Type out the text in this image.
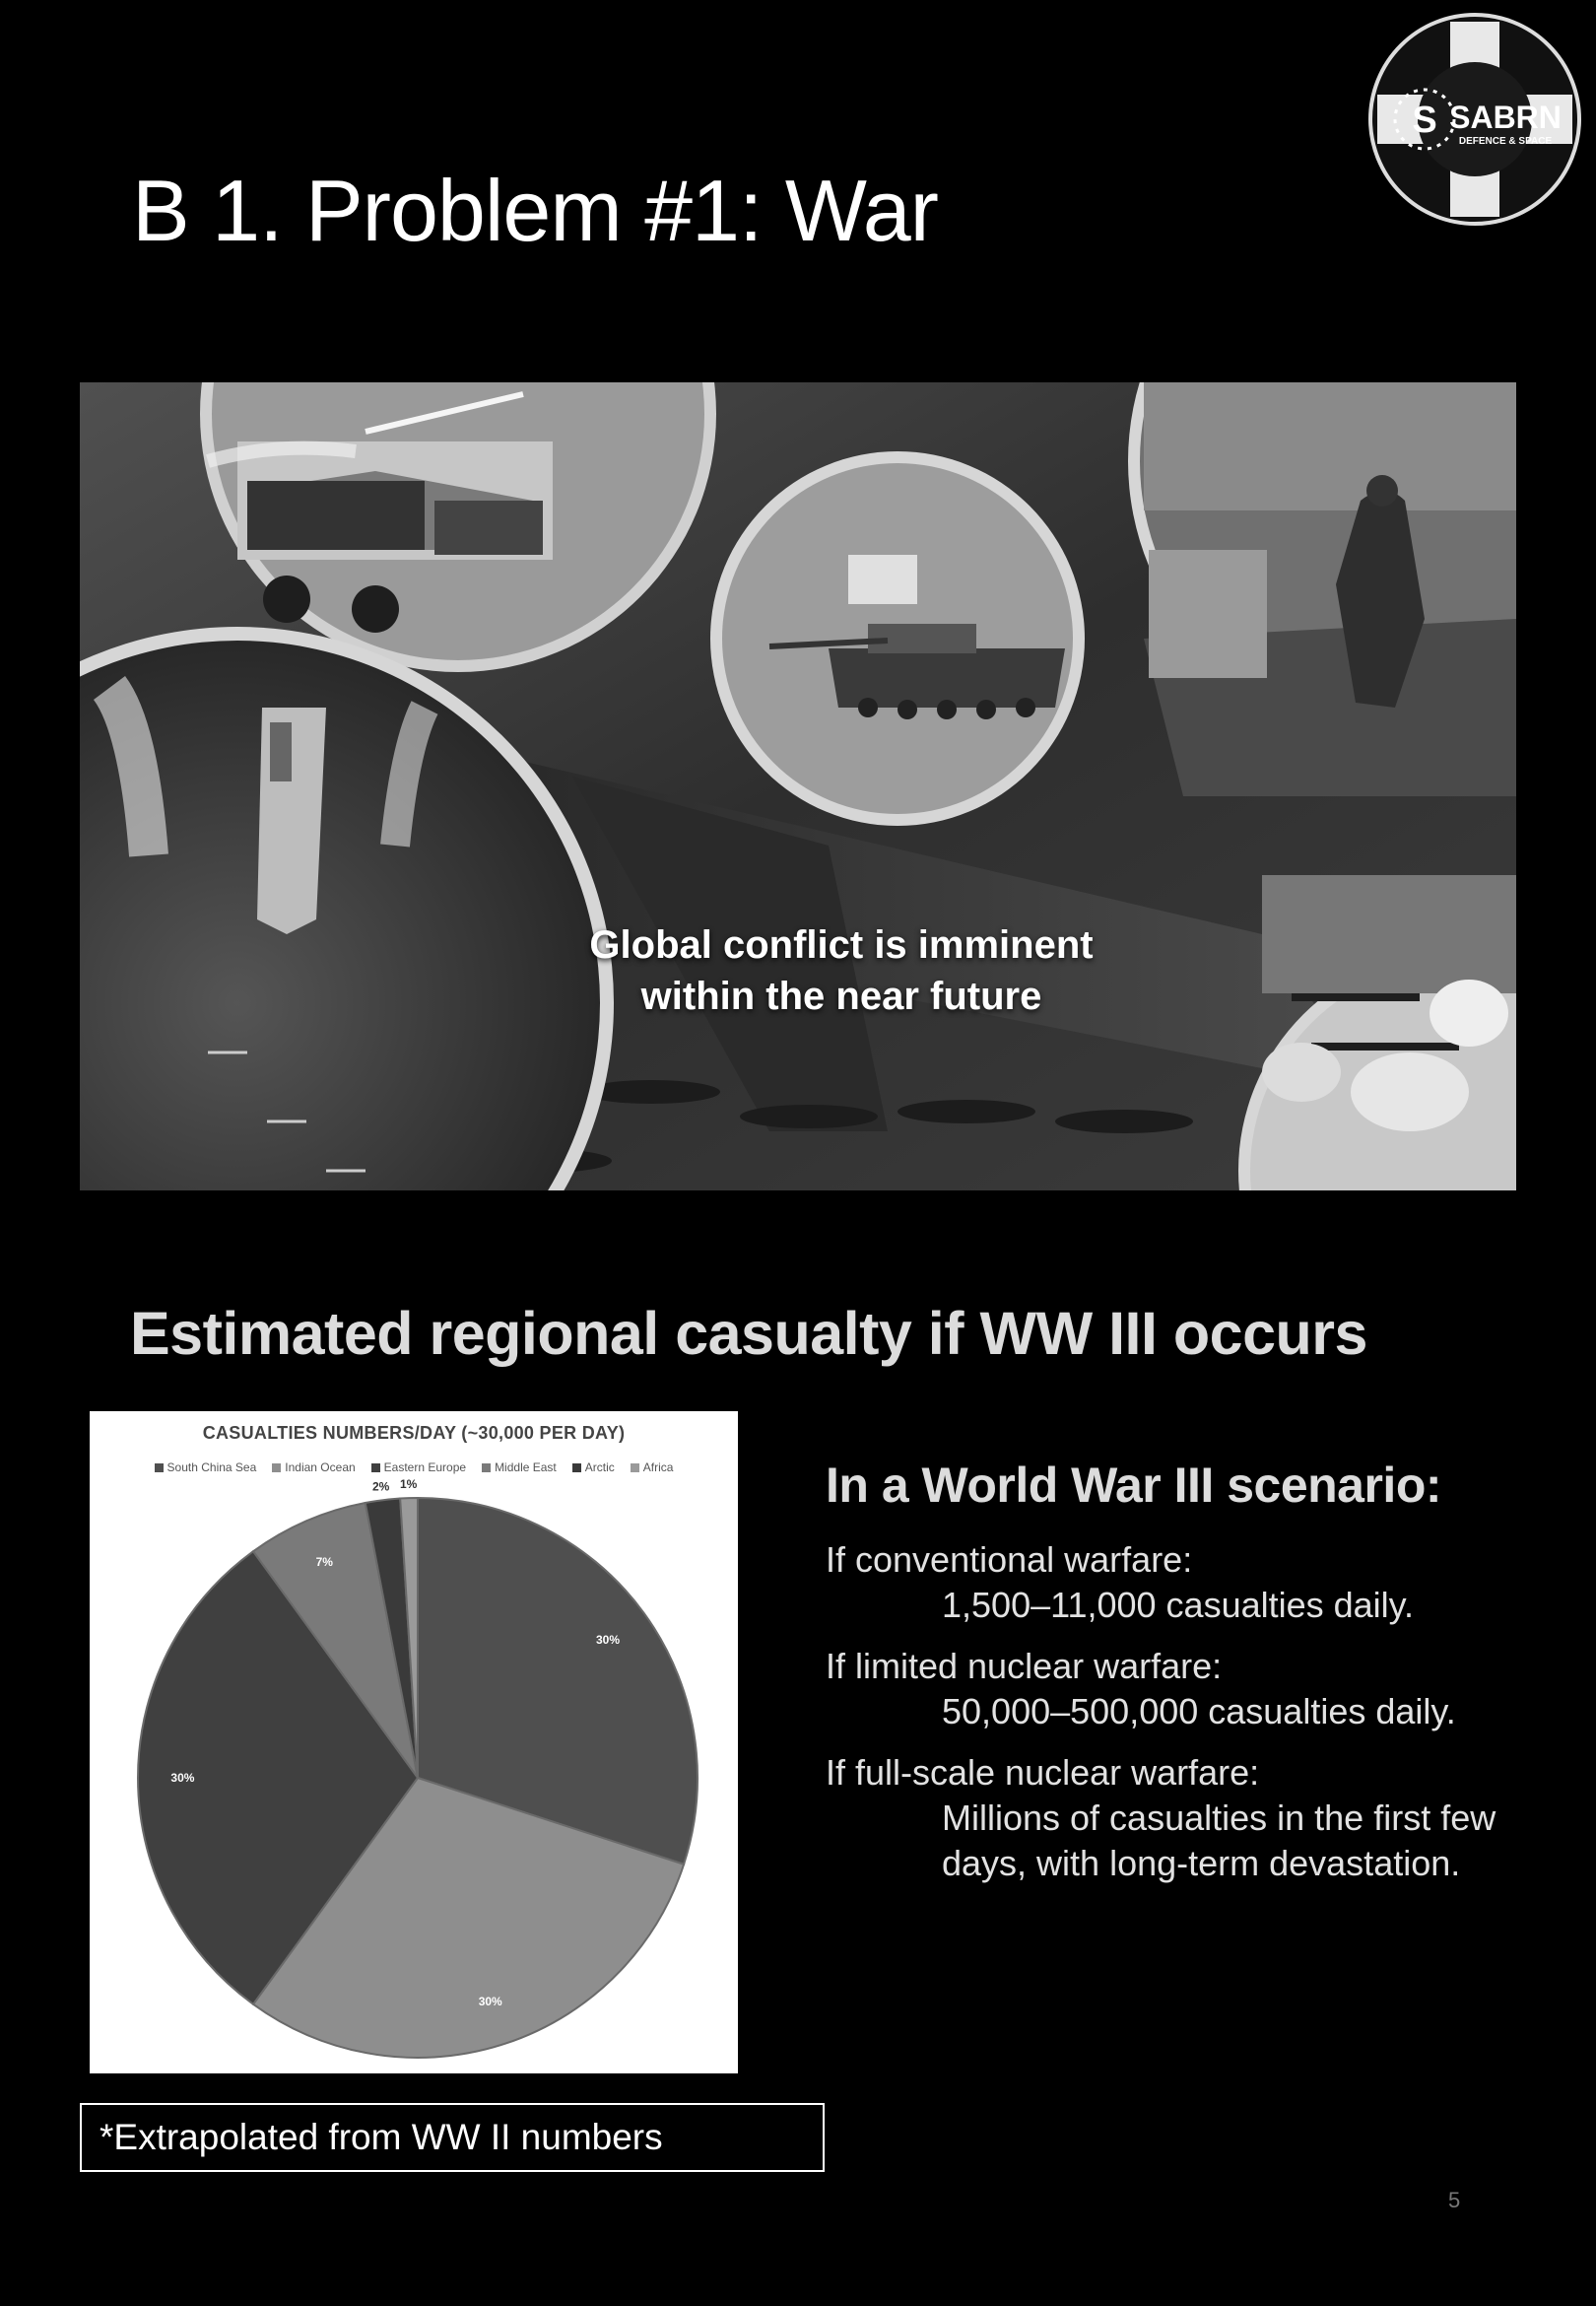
S SABRN
DEFENCE & SPACE
B 1. Problem #1: War
Global conflict is imminent
within the near future
Estimated regional casualty if WW III occurs
30%
30%
30%
7%
2% 1%
CASUALTIES NUMBERS/DAY (~30,000 PER DAY)
South China Sea Indian Ocean Eastern Europe Middle East Arctic Africa	In a World War III scenario:
If conventional warfare:
1,500–11,000 casualties daily.
If limited nuclear warfare:
50,000–500,000 casualties daily.
If full-scale nuclear warfare:
Millions of casualties in the first few days, with long-term devastation.
*Extrapolated from WW II numbers
5
